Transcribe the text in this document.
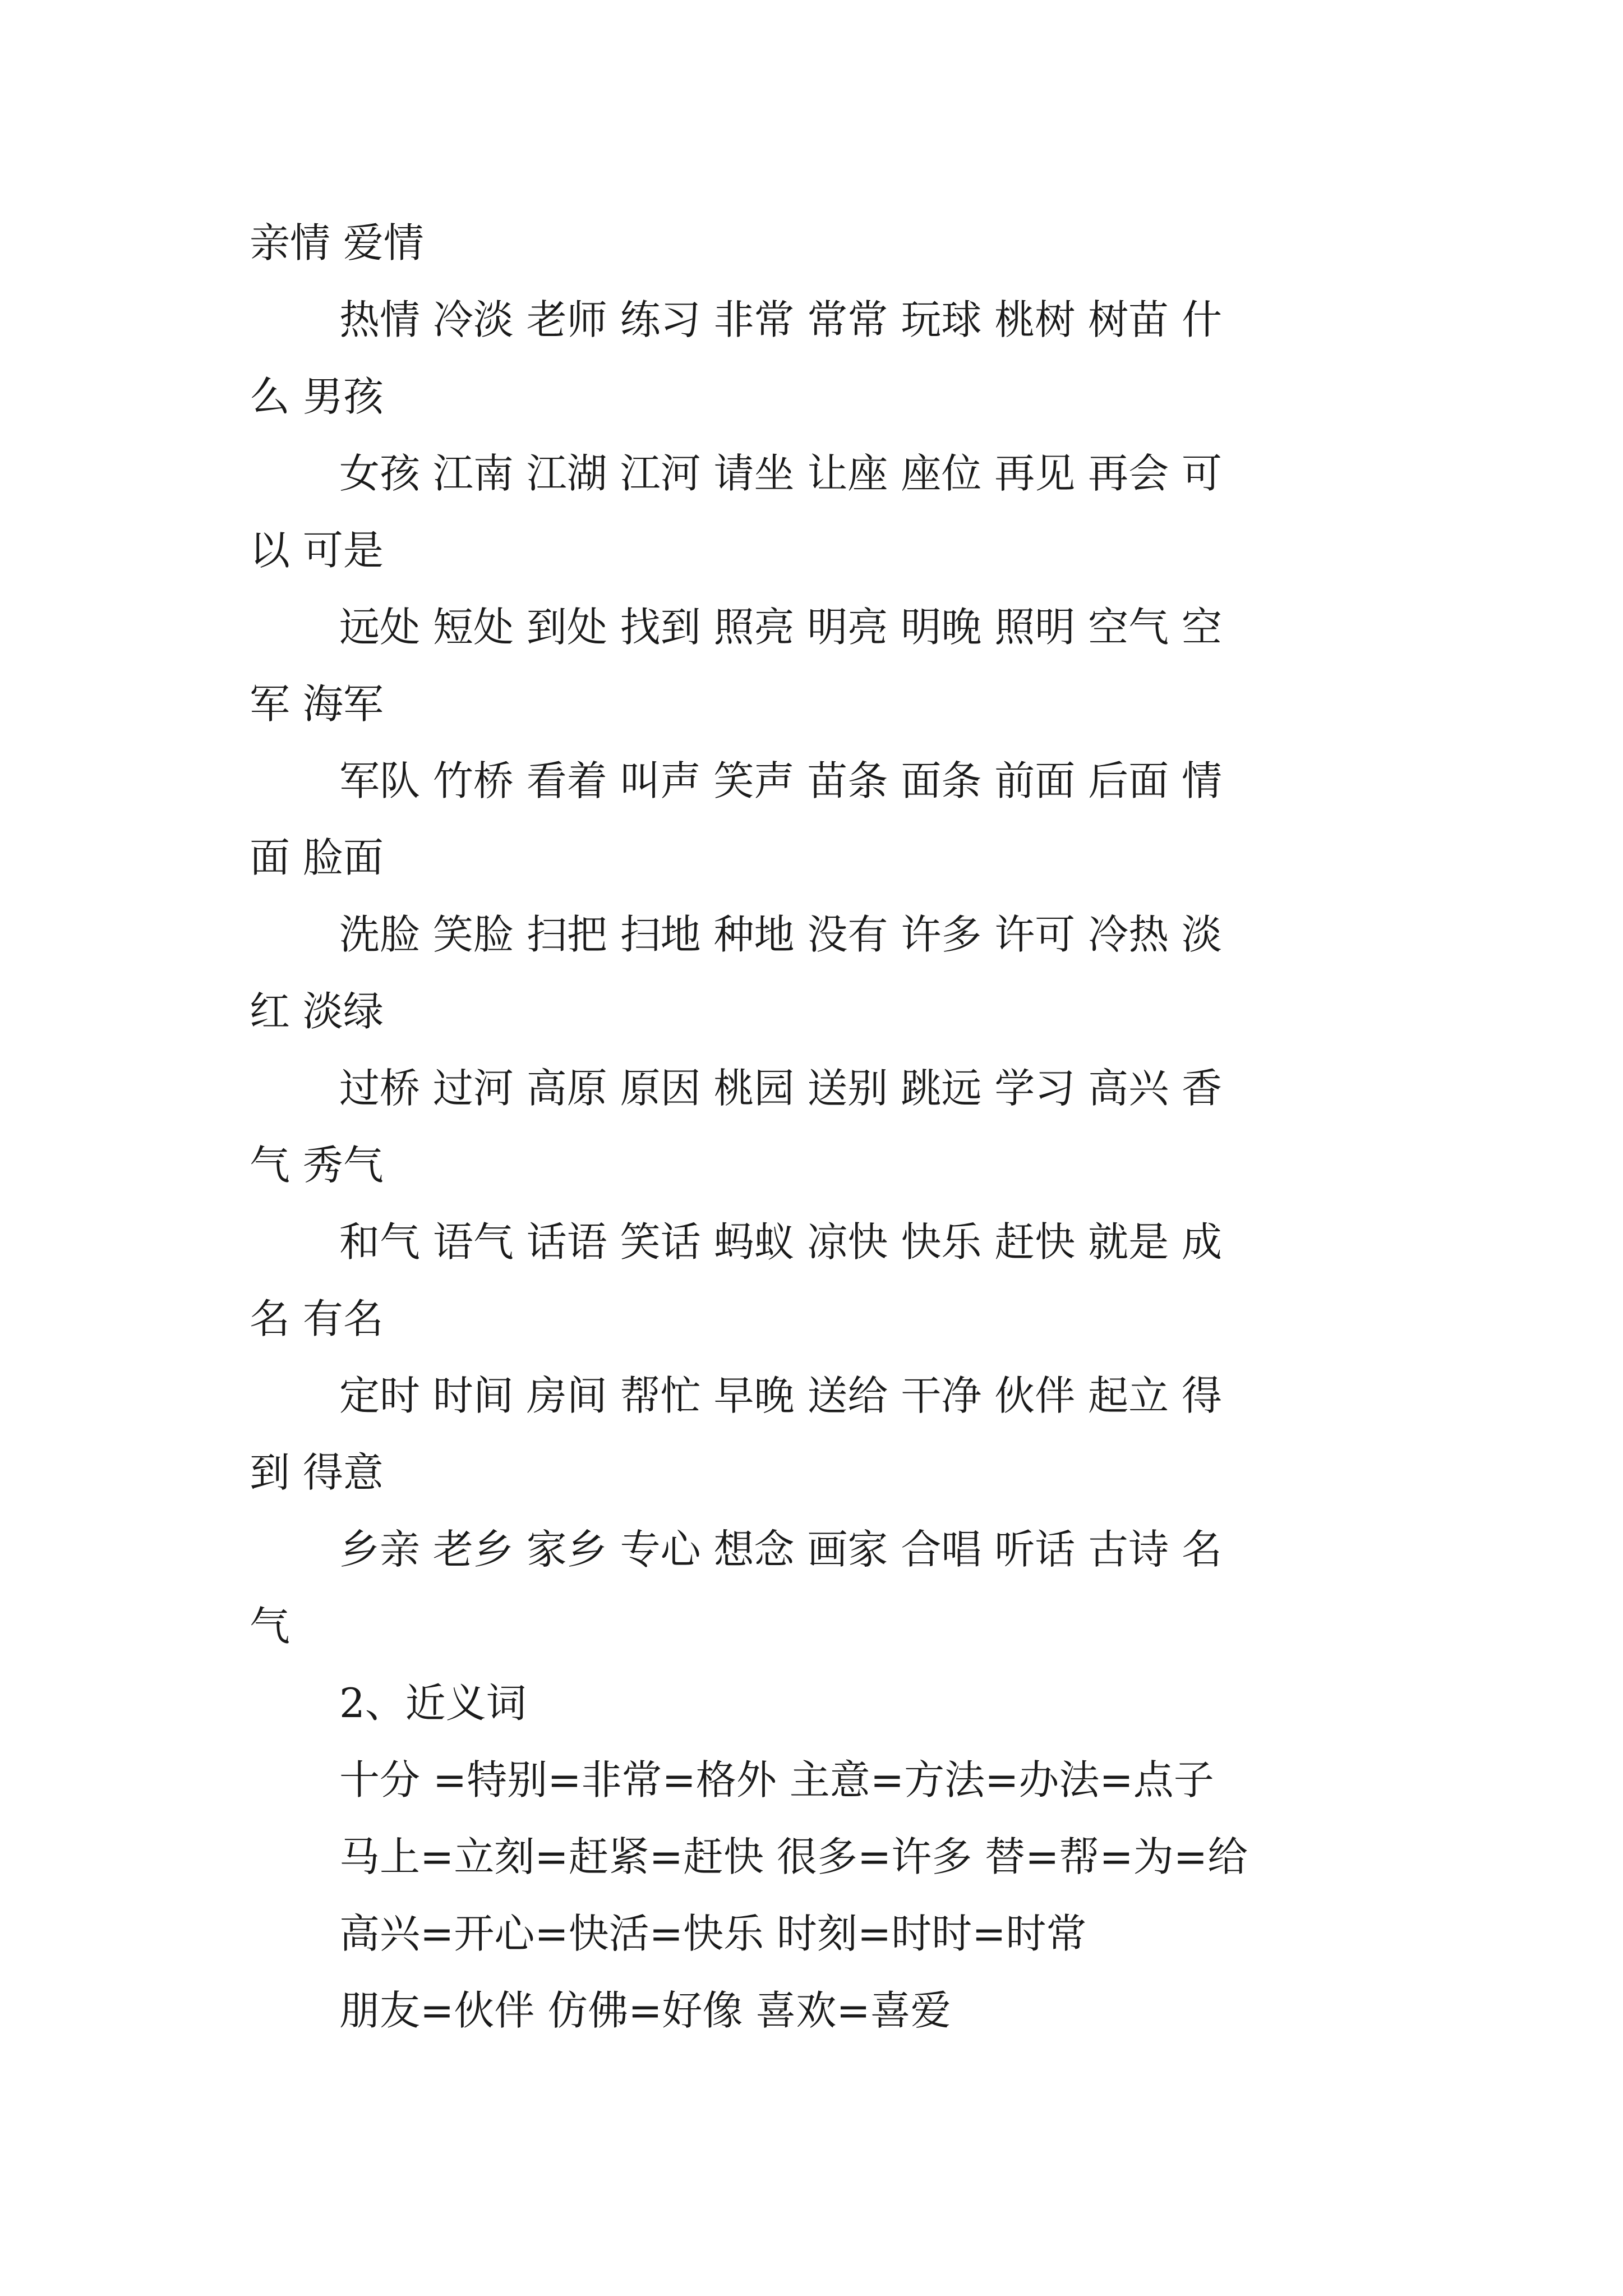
亲情 爱情
热情 冷淡 老师 练习 非常 常常 玩球 桃树 树苗 什
么 男孩
女孩 江南 江湖 江河 请坐 让座 座位 再见 再会 可
以 可是
远处 短处 到处 找到 照亮 明亮 明晚 照明 空气 空
军 海军
军队 竹桥 看着 叫声 笑声 苗条 面条 前面 后面 情
面 脸面
洗脸 笑脸 扫把 扫地 种地 没有 许多 许可 冷热 淡
红 淡绿
过桥 过河 高原 原因 桃园 送别 跳远 学习 高兴 香
气 秀气
和气 语气 话语 笑话 蚂蚁 凉快 快乐 赶快 就是 成
名 有名
定时 时间 房间 帮忙 早晚 送给 干净 伙伴 起立 得
到 得意
乡亲 老乡 家乡 专心 想念 画家 合唱 听话 古诗 名
气
2、近义词
十分 =特别=非常=格外 主意=方法=办法=点子
马上=立刻=赶紧=赶快 很多=许多 替=帮=为=给
高兴=开心=快活=快乐 时刻=时时=时常
朋友=伙伴 仿佛=好像 喜欢=喜爱
